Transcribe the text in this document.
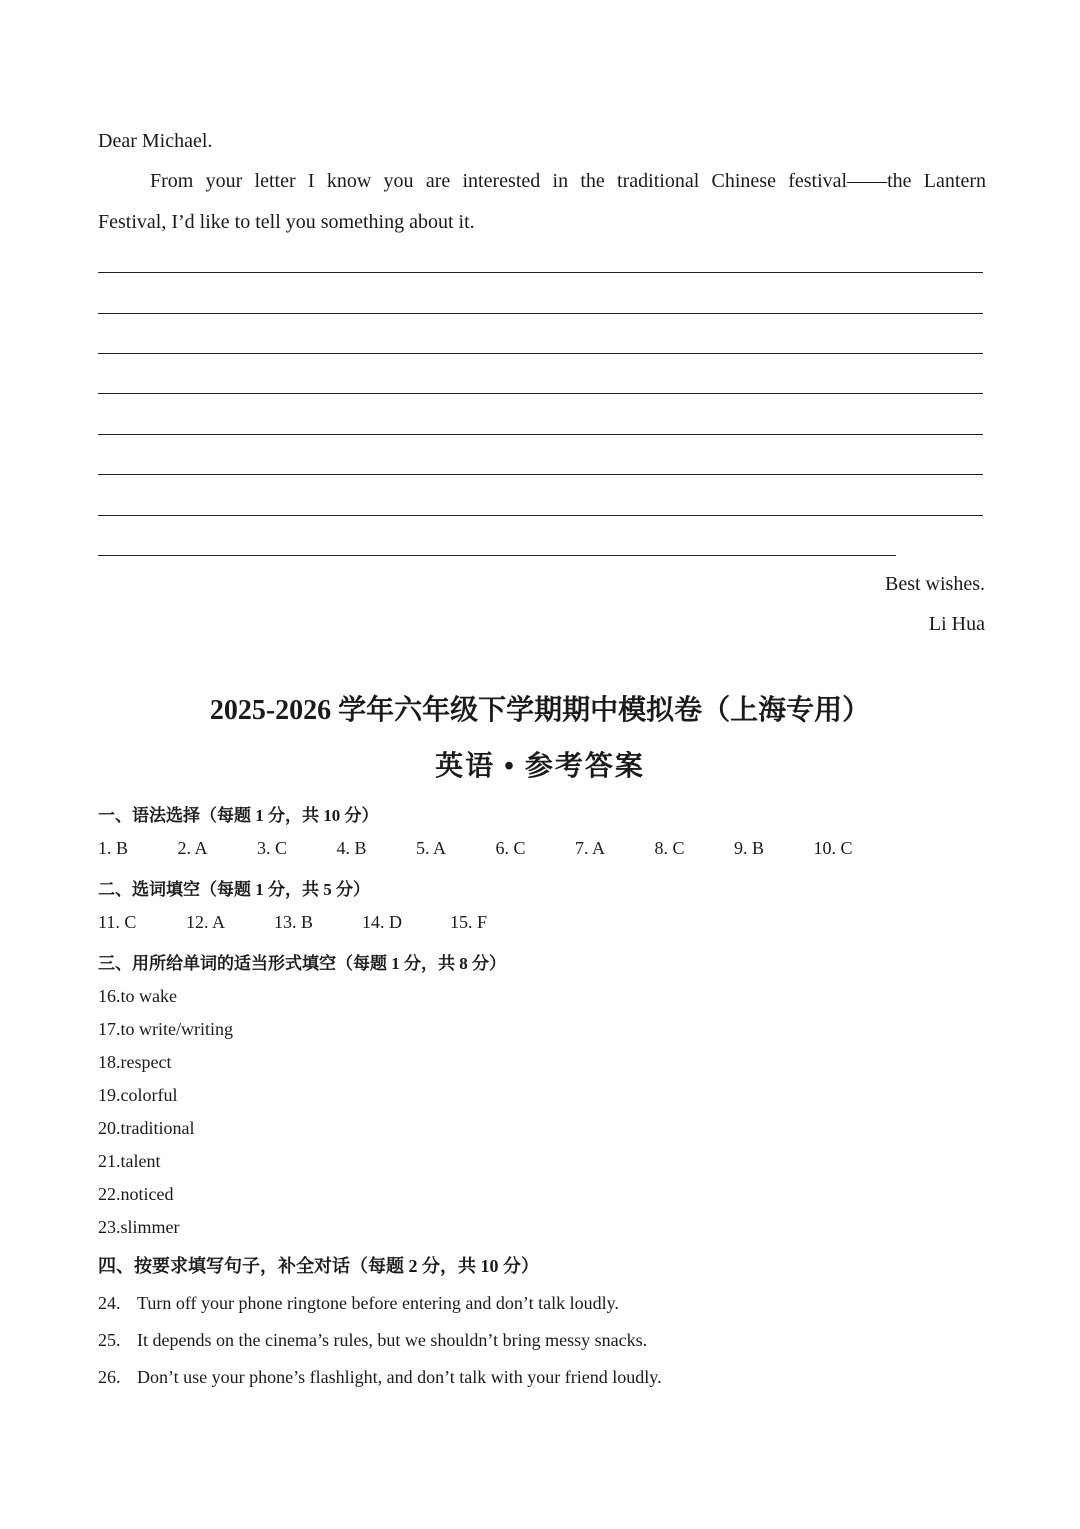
Dear Michael.
From your letter I know you are interested in the traditional Chinese festival——the Lantern
Festival, I’d like to tell you something about it.
Best wishes.
Li Hua
2025-2026 学年六年级下学期期中模拟卷（上海专用）
英语 • 参考答案
一、语法选择（每题 1 分，共 10 分）
1. B	2. A	3. C	4. B	5. A	6. C	7. A	8. C	9. B	10. C
二、选词填空（每题 1 分，共 5 分）
11. C	12. A	13. B	14. D	15. F
三、用所给单词的适当形式填空（每题 1 分，共 8 分）
16.to wake
17.to write/writing
18.respect
19.colorful
20.traditional
21.talent
22.noticed
23.slimmer
四、按要求填写句子，补全对话（每题 2 分，共 10 分）
24. Turn off your phone ringtone before entering and don’t talk loudly.
25. It depends on the cinema’s rules, but we shouldn’t bring messy snacks.
26. Don’t use your phone’s flashlight, and don’t talk with your friend loudly.
